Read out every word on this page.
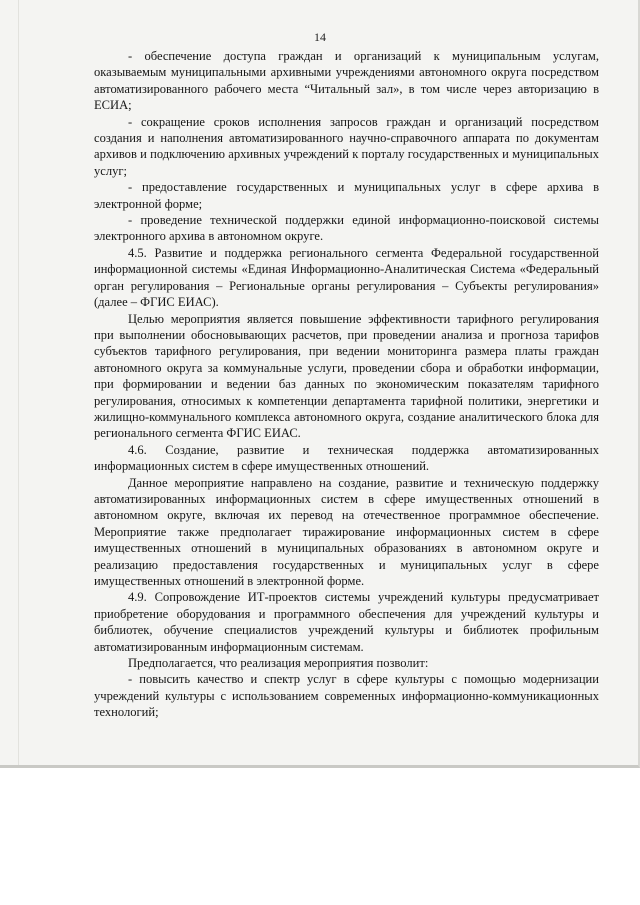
14

- обеспечение доступа граждан и организаций к муниципальным услугам, оказываемым муниципальными архивными учреждениями автономного округа посредством автоматизированного рабочего места “Читальный зал», в том числе через авторизацию в ЕСИА;

- сокращение сроков исполнения запросов граждан и организаций посредством создания и наполнения автоматизированного научно-справочного аппарата по документам архивов и подключению архивных учреждений к порталу государственных и муниципальных услуг;

- предоставление государственных и муниципальных услуг в сфере архива в электронной форме;

- проведение технической поддержки единой информационно-поисковой системы электронного архива в автономном округе.

4.5. Развитие и поддержка регионального сегмента Федеральной государственной информационной системы «Единая Информационно-Аналитическая Система «Федеральный орган регулирования – Региональные органы регулирования – Субъекты регулирования» (далее – ФГИС ЕИАС).

Целью мероприятия является повышение эффективности тарифного регулирования при выполнении обосновывающих расчетов, при проведении анализа и прогноза тарифов субъектов тарифного регулирования, при ведении мониторинга размера платы граждан автономного округа за коммунальные услуги, проведении сбора и обработки информации, при формировании и ведении баз данных по экономическим показателям тарифного регулирования, относимых к компетенции департамента тарифной политики, энергетики и жилищно-коммунального комплекса автономного округа, создание аналитического блока для регионального сегмента ФГИС ЕИАС.

4.6. Создание, развитие и техническая поддержка автоматизированных информационных систем в сфере имущественных отношений.

Данное мероприятие направлено на создание, развитие и техническую поддержку автоматизированных информационных систем в сфере имущественных отношений в автономном округе, включая их перевод на отечественное программное обеспечение. Мероприятие также предполагает тиражирование информационных систем в сфере имущественных отношений в муниципальных образованиях в автономном округе и реализацию предоставления государственных и муниципальных услуг в сфере имущественных отношений в электронной форме.

4.9. Сопровождение ИТ-проектов системы учреждений культуры предусматривает приобретение оборудования и программного обеспечения для учреждений культуры и библиотек, обучение специалистов учреждений культуры и библиотек профильным автоматизированным информационным системам.

Предполагается, что реализация мероприятия позволит:

- повысить качество и спектр услуг в сфере культуры с помощью модернизации учреждений культуры с использованием современных информационно-коммуникационных технологий;
